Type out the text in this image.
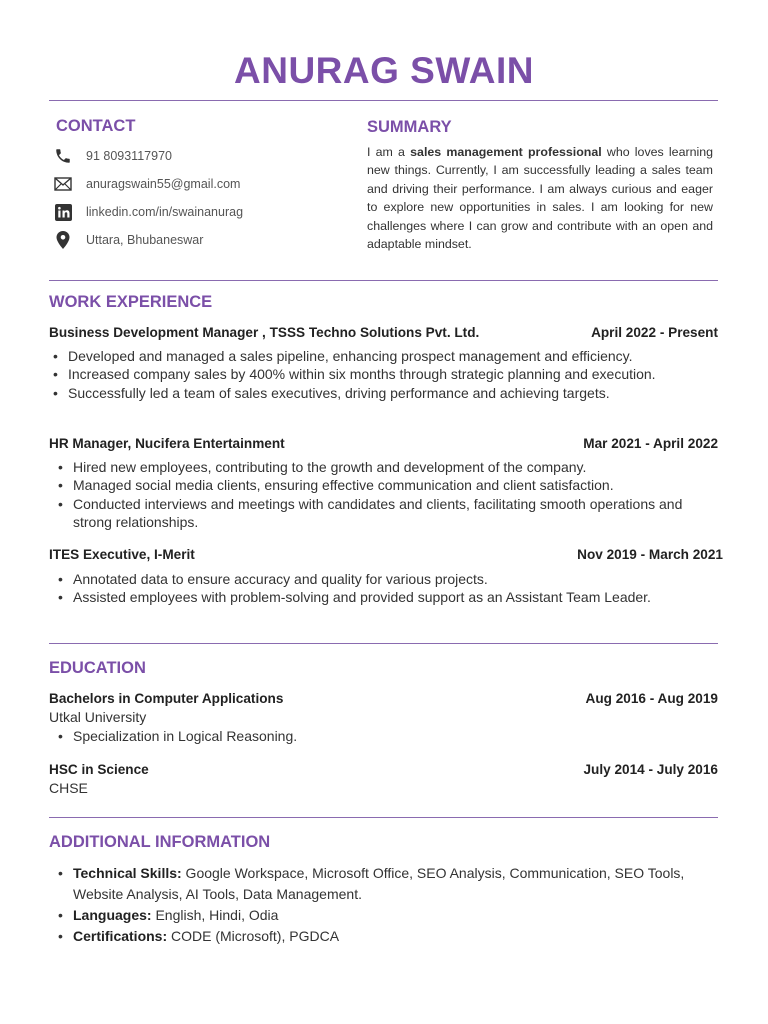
ANURAG SWAIN
CONTACT
91 8093117970
anuragswain55@gmail.com
linkedin.com/in/swainanurag
Uttara, Bhubaneswar
SUMMARY
I am a sales management professional who loves learning new things. Currently, I am successfully leading a sales team and driving their performance. I am always curious and eager to explore new opportunities in sales. I am looking for new challenges where I can grow and contribute with an open and adaptable mindset.
WORK EXPERIENCE
Business Development Manager , TSSS Techno Solutions Pvt. Ltd.	April 2022 - Present
• Developed and managed a sales pipeline, enhancing prospect management and efficiency.
• Increased company sales by 400% within six months through strategic planning and execution.
• Successfully led a team of sales executives, driving performance and achieving targets.
HR Manager, Nucifera Entertainment	Mar 2021 - April 2022
• Hired new employees, contributing to the growth and development of the company.
• Managed social media clients, ensuring effective communication and client satisfaction.
• Conducted interviews and meetings with candidates and clients, facilitating smooth operations and strong relationships.
ITES Executive, I-Merit	Nov 2019 - March 2021
• Annotated data to ensure accuracy and quality for various projects.
• Assisted employees with problem-solving and provided support as an Assistant Team Leader.
EDUCATION
Bachelors in Computer Applications	Aug 2016 - Aug 2019
Utkal University
• Specialization in Logical Reasoning.
HSC in Science	July 2014 - July 2016
CHSE
ADDITIONAL INFORMATION
• Technical Skills: Google Workspace, Microsoft Office, SEO Analysis, Communication, SEO Tools, Website Analysis, AI Tools, Data Management.
• Languages: English, Hindi, Odia
• Certifications: CODE (Microsoft), PGDCA
